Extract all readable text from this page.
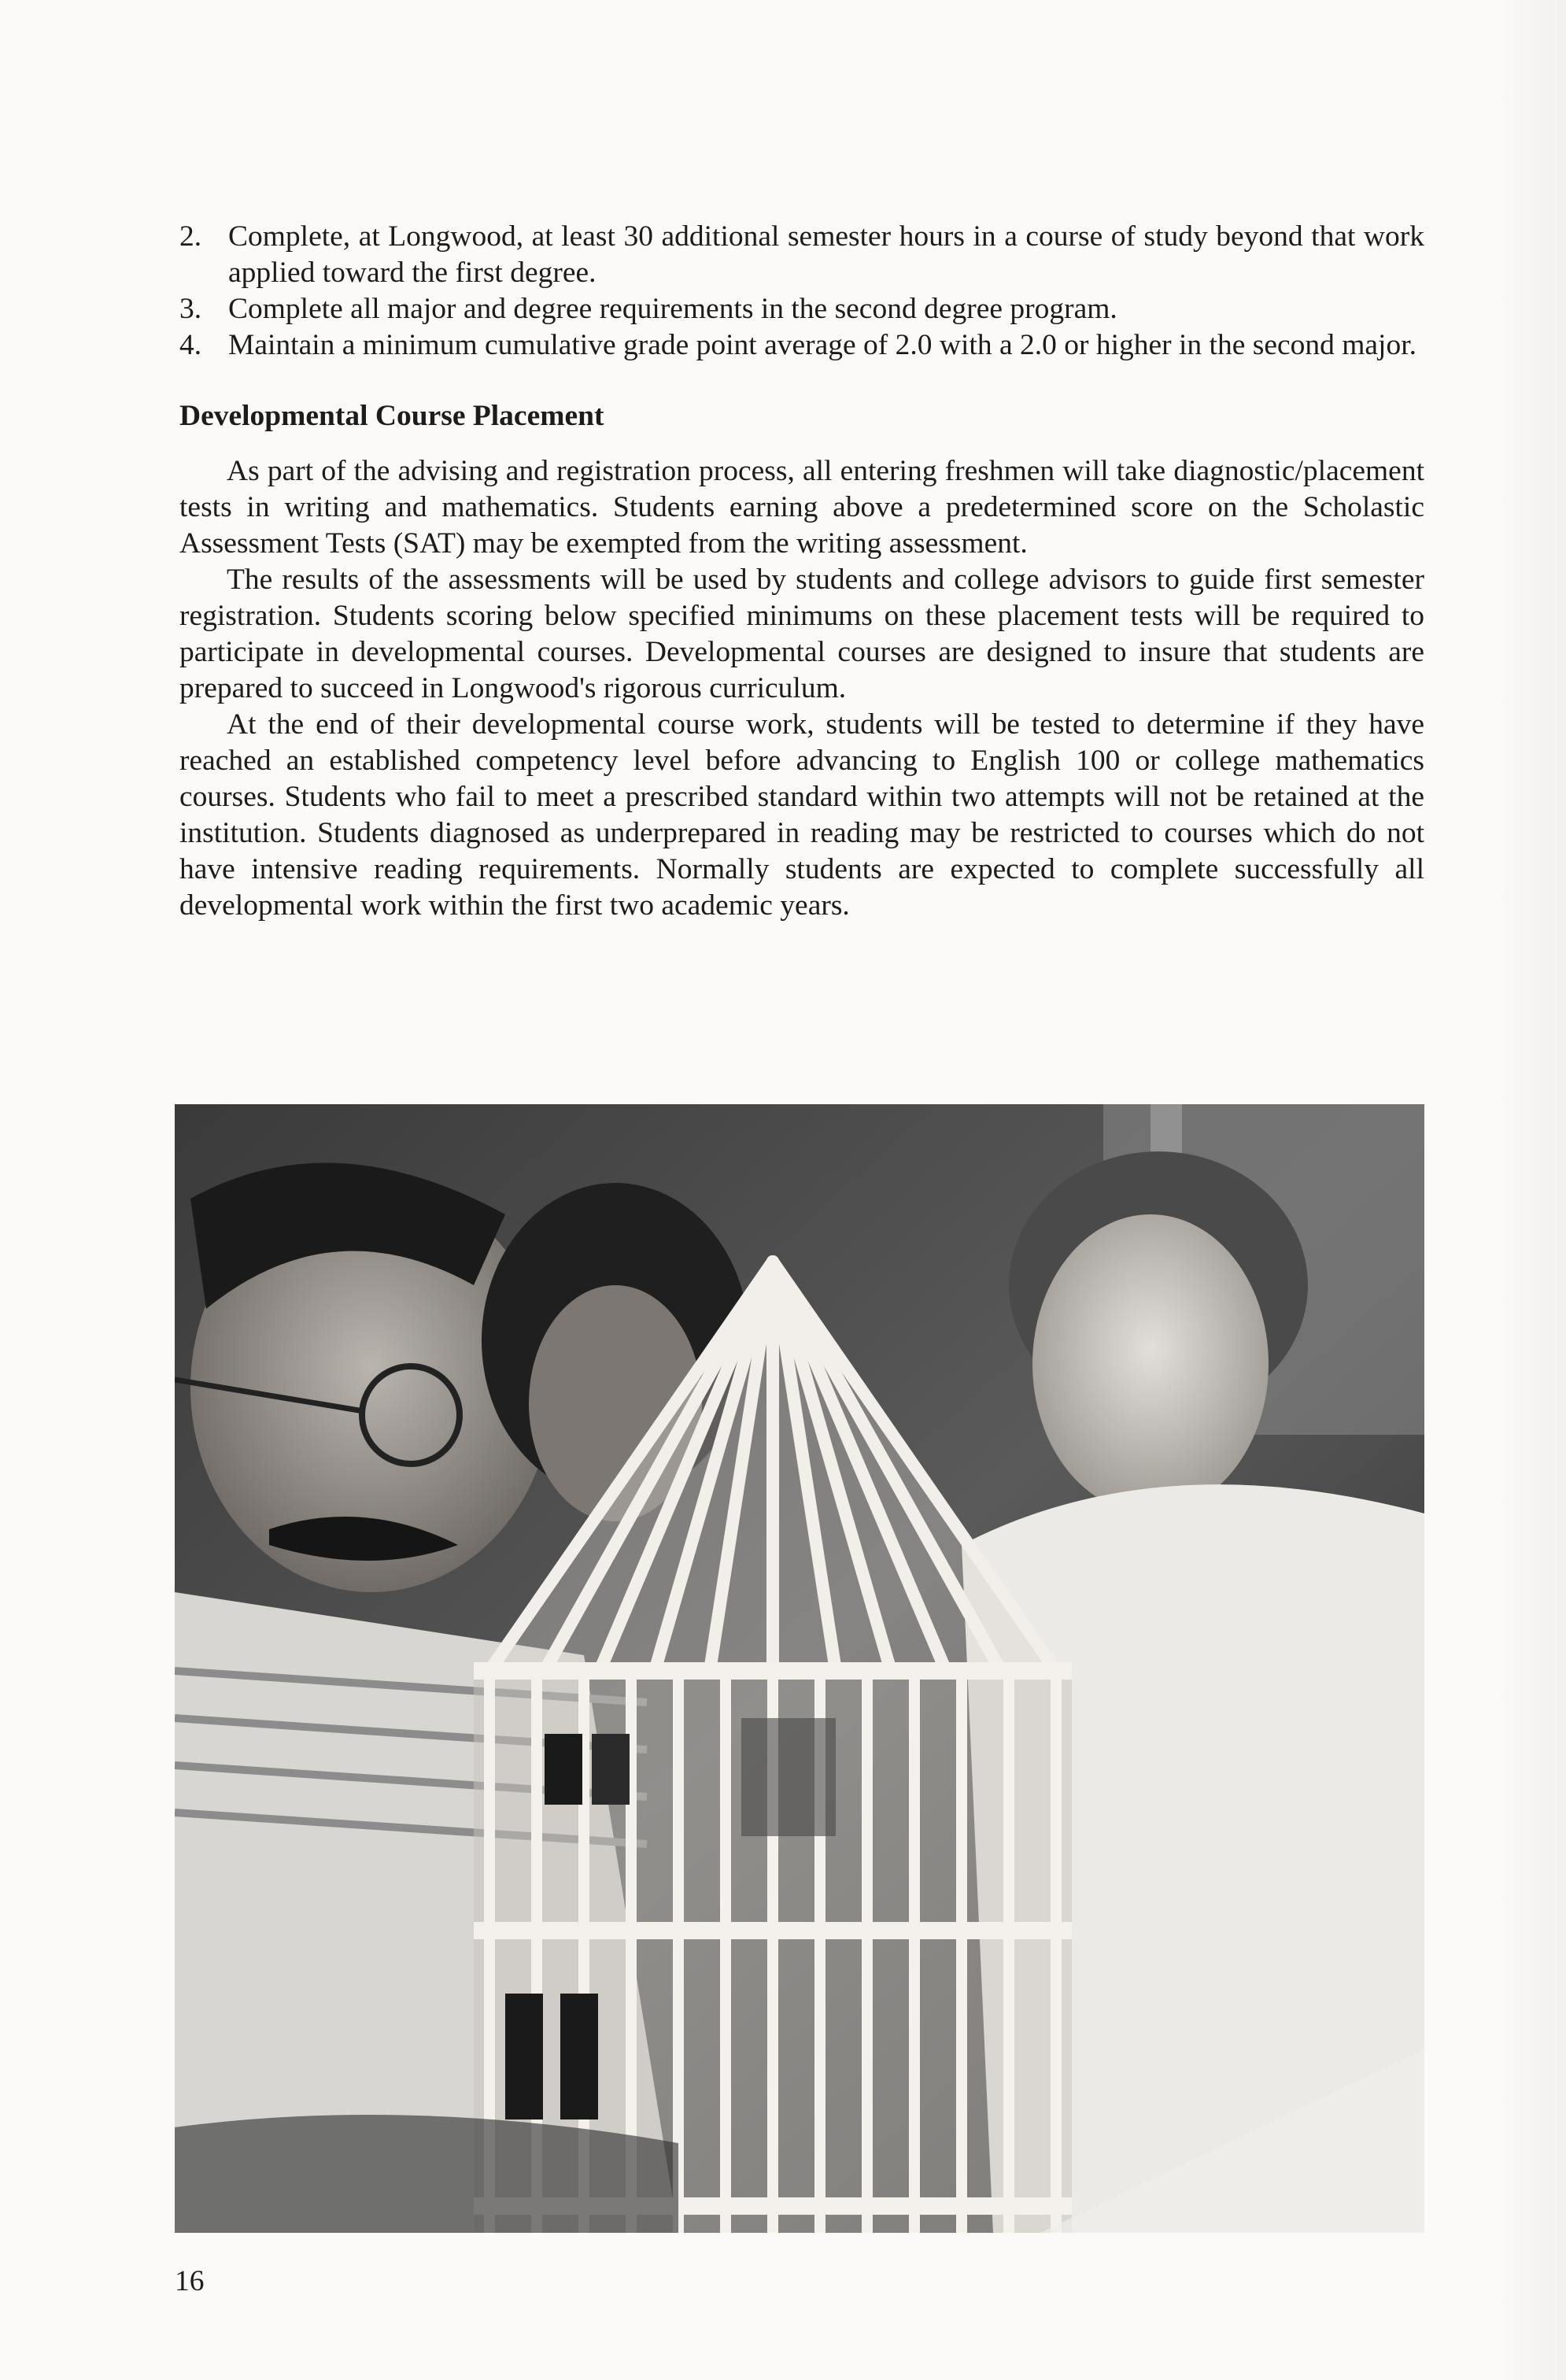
2. Complete, at Longwood, at least 30 additional semester hours in a course of study beyond that work applied toward the first degree.
3. Complete all major and degree requirements in the second degree program.
4. Maintain a minimum cumulative grade point average of 2.0 with a 2.0 or higher in the second major.
Developmental Course Placement

As part of the advising and registration process, all entering freshmen will take diagnostic/placement tests in writing and mathematics. Students earning above a predetermined score on the Scholastic Assessment Tests (SAT) may be exempted from the writing assessment.

The results of the assessments will be used by students and college advisors to guide first semester registration. Students scoring below specified minimums on these placement tests will be required to participate in developmental courses. Developmental courses are designed to insure that students are prepared to succeed in Longwood's rigorous curriculum.

At the end of their developmental course work, students will be tested to determine if they have reached an established competency level before advancing to English 100 or college mathematics courses. Students who fail to meet a prescribed standard within two attempts will not be retained at the institution. Students diagnosed as underprepared in reading may be restricted to courses which do not have intensive reading requirements. Normally students are expected to complete successfully all developmental work within the first two academic years.

16
